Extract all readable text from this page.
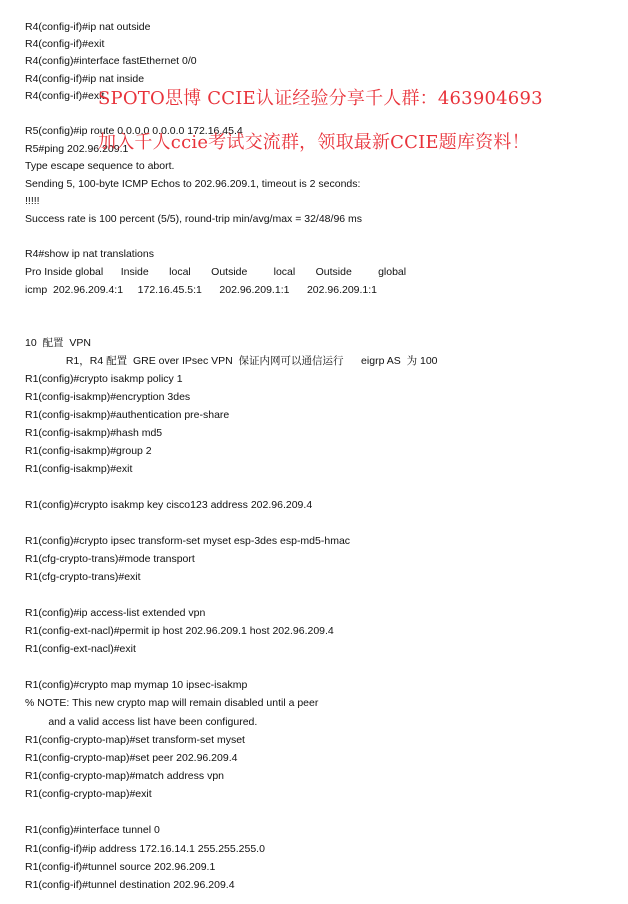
R4(config-if)#ip nat outside
R4(config-if)#exit
R4(config)#interface fastEthernet 0/0
R4(config-if)#ip nat inside
R4(config-if)#exit
R5(config)#ip route 0.0.0.0 0.0.0.0 172.16.45.4
R5#ping 202.96.209.1
Type escape sequence to abort.
Sending 5, 100-byte ICMP Echos to 202.96.209.1, timeout is 2 seconds:
!!!!!
Success rate is 100 percent (5/5), round-trip min/avg/max = 32/48/96 ms
R4#show ip nat translations
Pro Inside global      Inside       local       Outside         local       Outside         global
icmp  202.96.209.4:1     172.16.45.5:1      202.96.209.1:1      202.96.209.1:1
10  配置  VPN
R1，R4 配置  GRE over IPsec VPN  保证内网可以通信运行      eigrp AS  为 100
R1(config)#crypto isakmp policy 1
R1(config-isakmp)#encryption 3des
R1(config-isakmp)#authentication pre-share
R1(config-isakmp)#hash md5
R1(config-isakmp)#group 2
R1(config-isakmp)#exit
R1(config)#crypto isakmp key cisco123 address 202.96.209.4
R1(config)#crypto ipsec transform-set myset esp-3des esp-md5-hmac
R1(cfg-crypto-trans)#mode transport
R1(cfg-crypto-trans)#exit
R1(config)#ip access-list extended vpn
R1(config-ext-nacl)#permit ip host 202.96.209.1 host 202.96.209.4
R1(config-ext-nacl)#exit
R1(config)#crypto map mymap 10 ipsec-isakmp
% NOTE: This new crypto map will remain disabled until a peer
and a valid access list have been configured.
R1(config-crypto-map)#set transform-set myset
R1(config-crypto-map)#set peer 202.96.209.4
R1(config-crypto-map)#match address vpn
R1(config-crypto-map)#exit
R1(config)#interface tunnel 0
R1(config-if)#ip address 172.16.14.1 255.255.255.0
R1(config-if)#tunnel source 202.96.209.1
R1(config-if)#tunnel destination 202.96.209.4
SPOTO思博 CCIE认证经验分享千人群：463904693
加入千人ccie考试交流群，领取最新CCIE题库资料！
